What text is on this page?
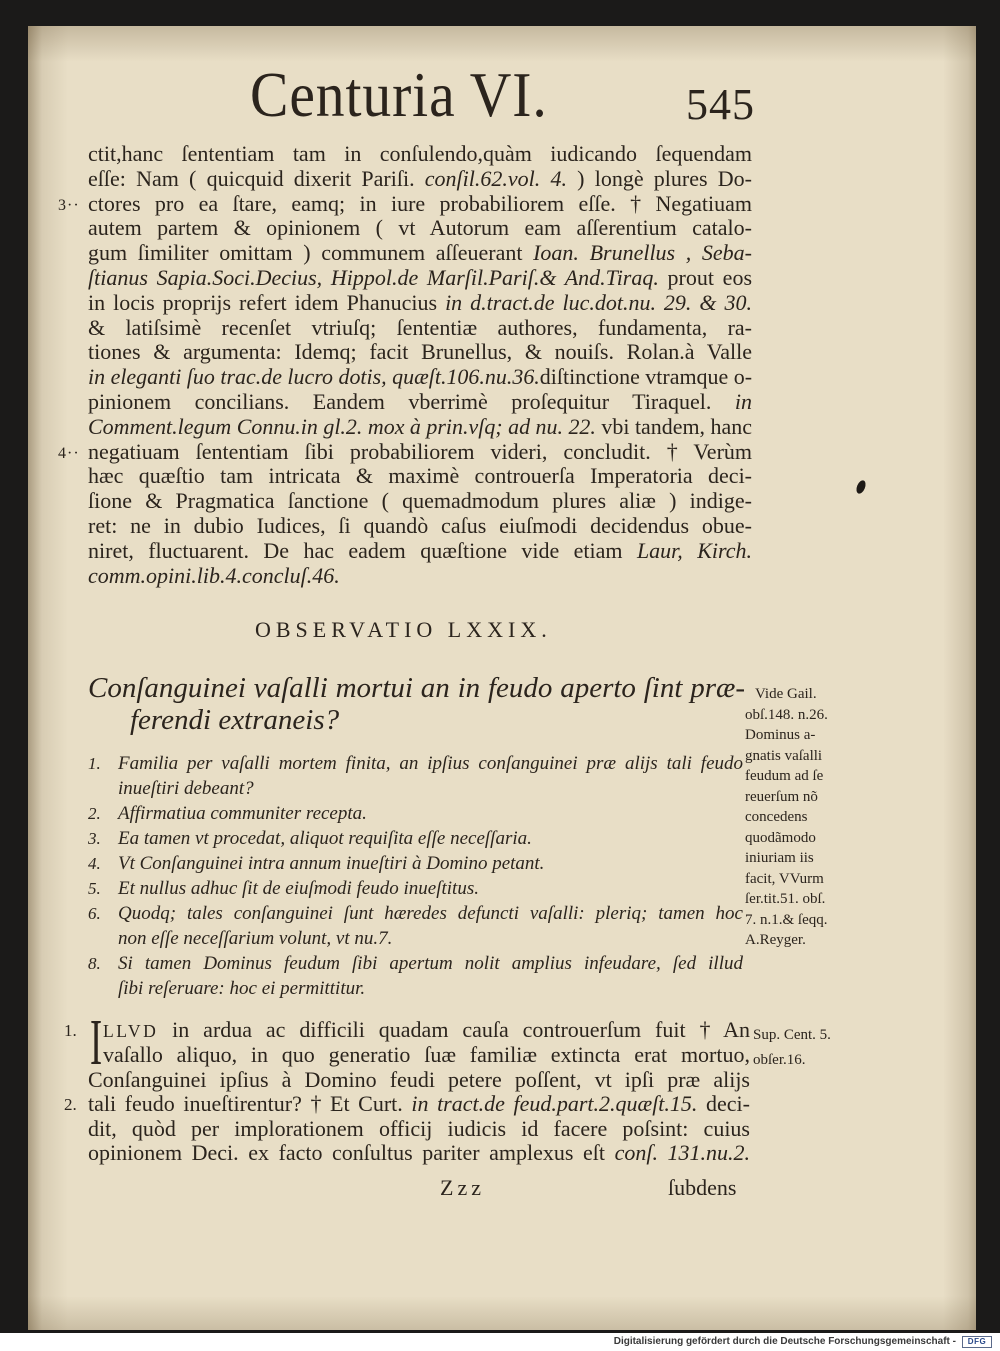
Centuria VI.	545
ctit,hanc ſententiam tam in conſulendo,quàm iudicando ſequendam
eſſe: Nam ( quicquid dixerit Pariſi. conſil.62.vol. 4. ) longè plures Do-
ctores pro ea ſtare, eamq; in iure probabiliorem eſſe. † Negatiuam
3··
autem partem & opinionem ( vt Autorum eam aſſerentium catalo-
gum ſimiliter omittam ) communem aſſeuerant Ioan. Brunellus , Seba-
ſtianus Sapia.Soci.Decius, Hippol.de Marſil.Pariſ.& And.Tiraq. prout eos
in locis proprijs refert idem Phanucius in d.tract.de luc.dot.nu. 29. & 30.
& latiſsimè recenſet vtriuſq; ſententiæ authores, fundamenta, ra-
tiones & argumenta: Idemq; facit Brunellus, & nouiſs. Rolan.à Valle
in eleganti ſuo trac.de lucro dotis, quæſt.106.nu.36.diſtinctione vtramque o-
pinionem concilians. Eandem vberrimè proſequitur Tiraquel. in
Comment.legum Connu.in gl.2. mox à prin.vſq; ad nu. 22. vbi tandem, hanc
negatiuam ſententiam ſibi probabiliorem videri, concludit. † Verùm
4··
hæc quæſtio tam intricata & maximè controuerſa Imperatoria deci-
ſione & Pragmatica ſanctione ( quemadmodum plures aliæ ) indige-
ret: ne in dubio Iudices, ſi quandò caſus eiuſmodi decidendus obue-
niret, fluctuarent. De hac eadem quæſtione vide etiam Laur, Kirch.
comm.opini.lib.4.concluſ.46.
OBSERVATIO LXXIX.
Conſanguinei vaſalli mortui an in feudo aperto ſint præ-
ferendi extraneis?
Vide Gail.
obſ.148. n.26.
Dominus a-
gnatis vaſalli
feudum ad ſe
reuerſum nõ
concedens
quodãmodo
iniuriam iis
facit, VVurm
ſer.tit.51. obſ.
7. n.1.& ſeqq.
A.Reyger.
Familia per vaſalli mortem finita, an ipſius conſanguinei præ alijs tali feudo
1.
inueſtiri debeant?
Affirmatiua communiter recepta.
2.
Ea tamen vt procedat, aliquot requiſita eſſe neceſſaria.
3.
Vt Conſanguinei intra annum inueſtiri à Domino petant.
4.
Et nullus adhuc ſit de eiuſmodi feudo inueſtitus.
5.
Quodq; tales conſanguinei ſunt hæredes defuncti vaſalli: pleriq; tamen hoc
6.
non eſſe neceſſarium volunt, vt nu.7.
Si tamen Dominus feudum ſibi apertum nolit amplius infeudare, ſed illud
8.
ſibi reſeruare: hoc ei permittitur.
LLVD in ardua ac difficili quadam cauſa controuerſum fuit † An
1. I	Sup. Cent. 5.
vaſallo aliquo, in quo generatio ſuæ familiæ extincta erat mortuo, obſer.16.
Conſanguinei ipſius à Domino feudi petere poſſent, vt ipſi præ alijs
tali feudo inueſtirentur? † Et Curt. in tract.de feud.part.2.quæſt.15. deci-
2.
dit, quòd per implorationem officij iudicis id facere poſsint: cuius
opinionem Deci. ex facto conſultus pariter amplexus eſt conſ. 131.nu.2.
Zzz	ſubdens
Digitalisierung gefördert durch die Deutsche Forschungsgemeinschaft -	DFG
